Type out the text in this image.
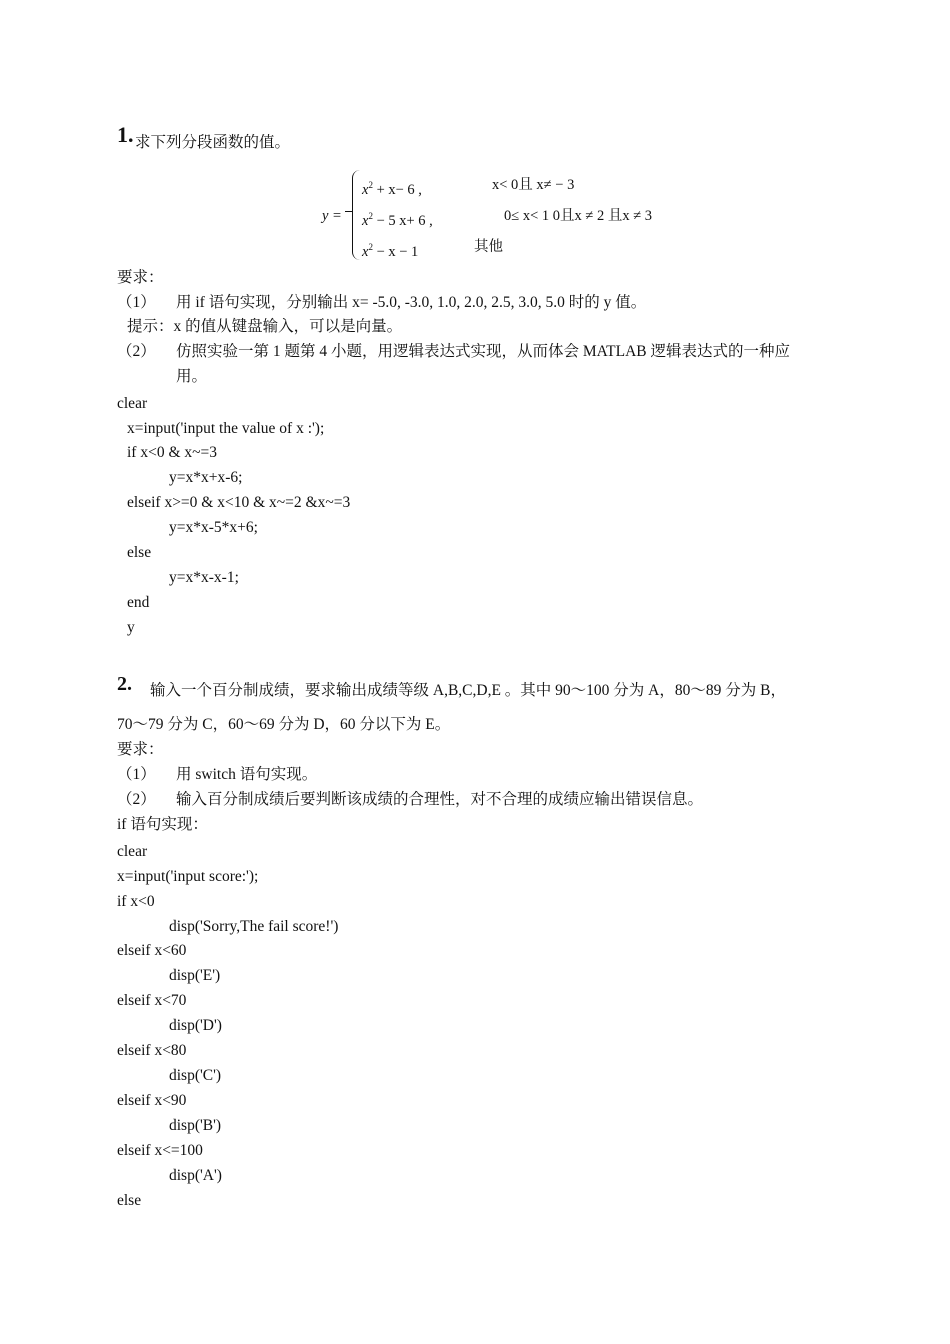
1. 求下列分段函数的值。
y =
$x^2 + x- 6$ ,	x< 0且 x≠ − 3
$x^2 - 5$ x+ 6 ,	0≤ x< 1 0且x ≠ 2 且x ≠ 3
$x^2 - x - 1$	其他
要求：
（1） 用 if 语句实现，分别输出 x= -5.0, -3.0, 1.0, 2.0, 2.5, 3.0, 5.0 时的 y 值。
提示：x 的值从键盘输入，可以是向量。
（2） 仿照实验一第 1 题第 4 小题，用逻辑表达式实现，从而体会 MATLAB 逻辑表达式的一种应
用。
clear
x=input('input the value of x :');
if x<0 & x~=3
y=x*x+x-6;
elseif x>=0 & x<10 & x~=2 &x~=3
y=x*x-5*x+6;
else
y=x*x-x-1;
end
y
2. 输入一个百分制成绩，要求输出成绩等级 A,B,C,D,E 。其中 90～100 分为 A，80～89 分为 B，
70～79 分为 C，60～69 分为 D，60 分以下为 E。
要求：
（1） 用 switch 语句实现。
（2） 输入百分制成绩后要判断该成绩的合理性，对不合理的成绩应输出错误信息。
if 语句实现：
clear
x=input('input score:');
if x<0
disp('Sorry,The fail score!')
elseif x<60
disp('E')
elseif x<70
disp('D')
elseif x<80
disp('C')
elseif x<90
disp('B')
elseif x<=100
disp('A')
else
